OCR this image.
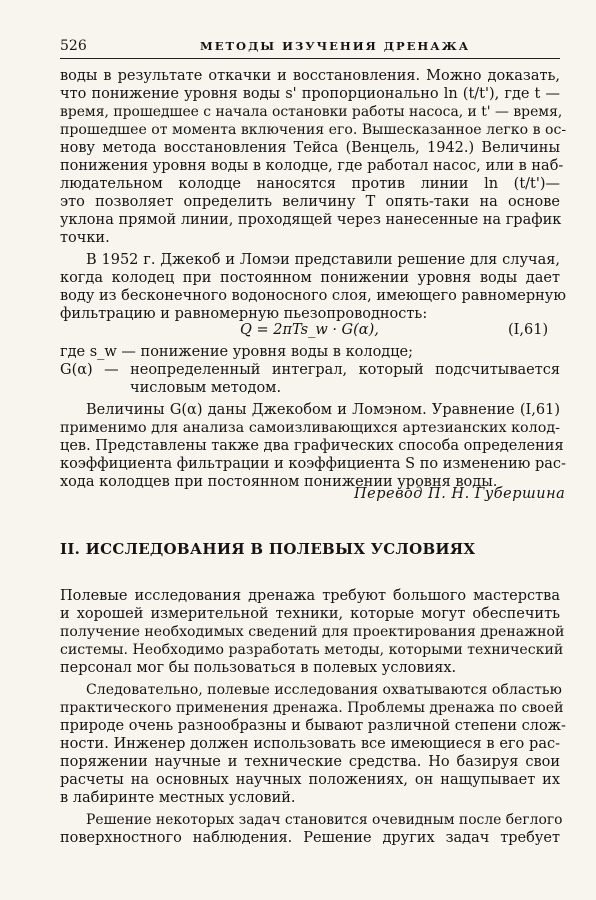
526	МЕТОДЫ ИЗУЧЕНИЯ ДРЕНАЖА
воды в результате откачки и восстановления. Можно доказать,
что понижение уровня воды s' пропорционально ln (t/t'), где t —
время, прошедшее с начала остановки работы насоса, и t' — время,
прошедшее от момента включения его. Вышесказанное легко в ос-
нову метода восстановления Тейса (Венцель, 1942.) Величины
понижения уровня воды в колодце, где работал насос, или в наб-
людательном колодце наносятся против линии ln (t/t')—
это позволяет определить величину T опять-таки на основе
уклона прямой линии, проходящей через нанесенные на график
точки.
В 1952 г. Джекоб и Ломэи представили решение для случая,
когда колодец при постоянном понижении уровня воды дает
воду из бесконечного водоносного слоя, имеющего равномерную
фильтрацию и равномерную пьезопроводность:
Q = 2πTs_w · G(α),	(I,61)
где s_w — понижение уровня воды в колодце;
G(α) — неопределенный интеграл, который подсчитывается
числовым методом.
Величины G(α) даны Джекобом и Ломэном. Уравнение (I,61)
применимо для анализа самоизливающихся артезианских колод-
цев. Представлены также два графических способа определения
коэффициента фильтрации и коэффициента S по изменению рас-
хода колодцев при постоянном понижении уровня воды.
Перевод П. Н. Губершина
II. ИССЛЕДОВАНИЯ В ПОЛЕВЫХ УСЛОВИЯХ
Полевые исследования дренажа требуют большого мастерства
и хорошей измерительной техники, которые могут обеспечить
получение необходимых сведений для проектирования дренажной
системы. Необходимо разработать методы, которыми технический
персонал мог бы пользоваться в полевых условиях.
Следовательно, полевые исследования охватываются областью
практического применения дренажа. Проблемы дренажа по своей
природе очень разнообразны и бывают различной степени слож-
ности. Инженер должен использовать все имеющиеся в его рас-
поряжении научные и технические средства. Но базируя свои
расчеты на основных научных положениях, он нащупывает их
в лабиринте местных условий.
Решение некоторых задач становится очевидным после беглого
поверхностного наблюдения. Решение других задач требует
